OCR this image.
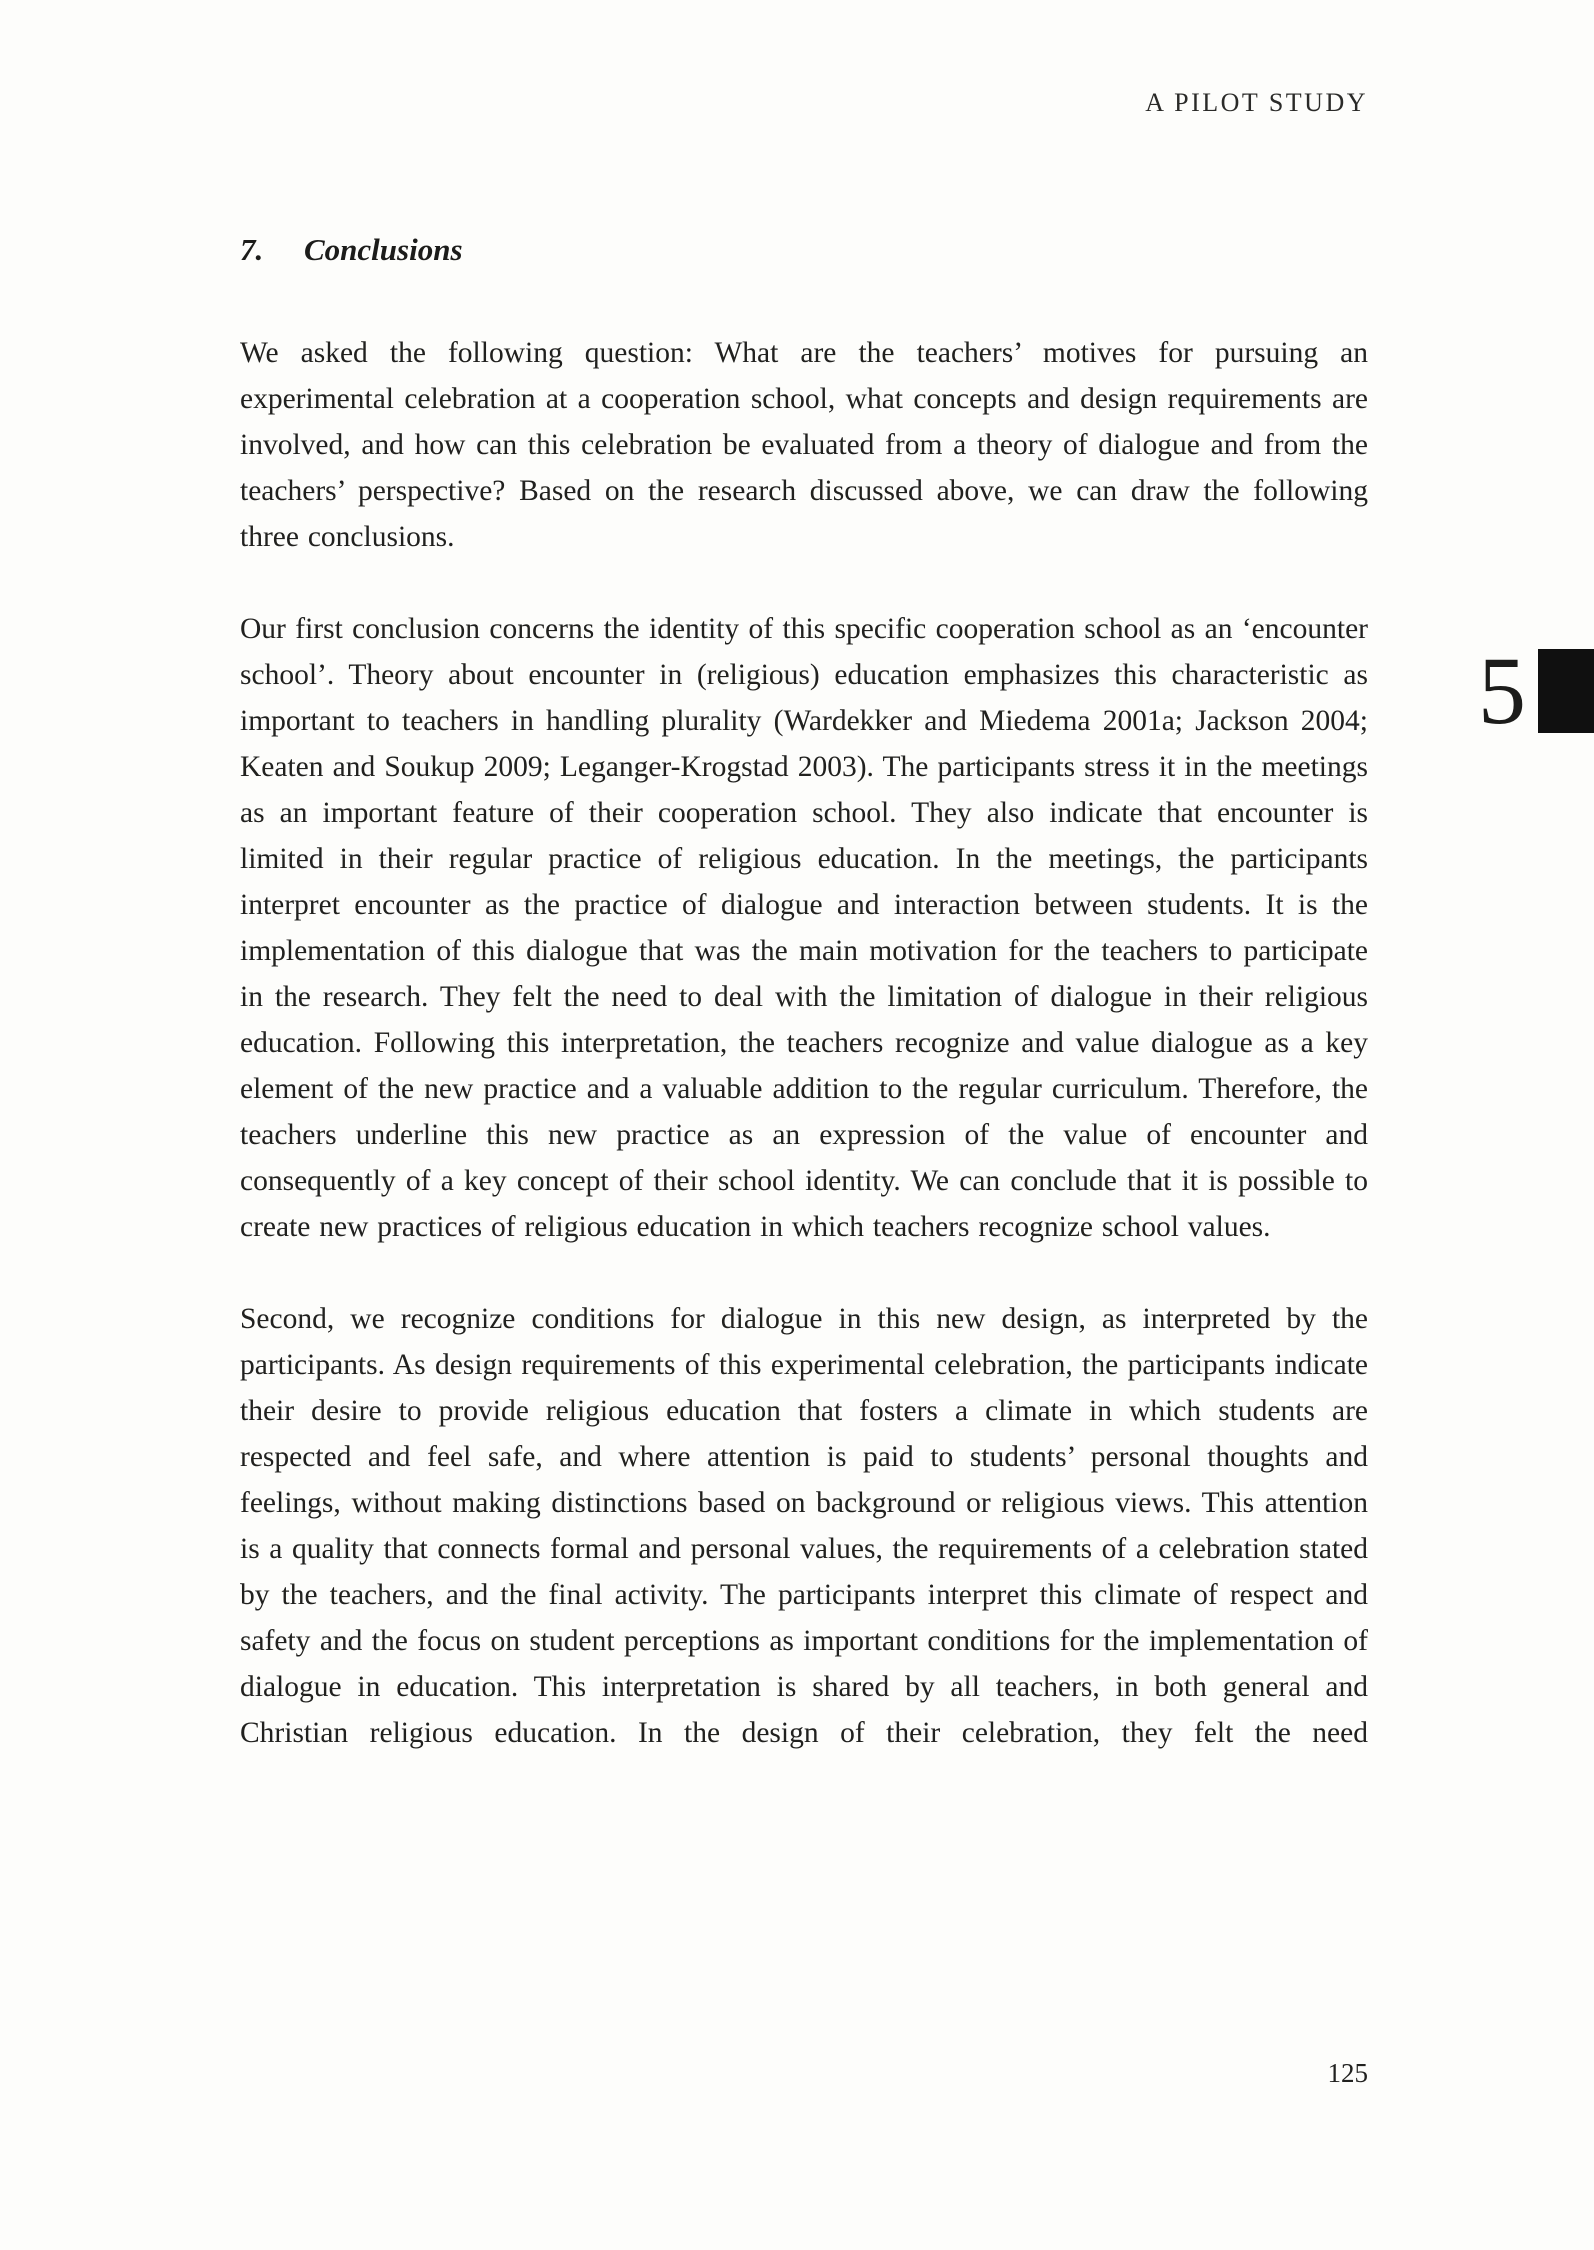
A PILOT STUDY
7.	Conclusions

We asked the following question: What are the teachers’ motives for pursuing an experimental celebration at a cooperation school, what concepts and design requirements are involved, and how can this celebration be evaluated from a theory of dialogue and from the teachers’ perspective? Based on the research discussed above, we can draw the following three conclusions.

Our first conclusion concerns the identity of this specific cooperation school as an ‘encounter school’. Theory about encounter in (religious) education emphasizes this characteristic as important to teachers in handling plurality (Wardekker and Miedema 2001a; Jackson 2004; Keaten and Soukup 2009; Leganger-Krogstad 2003). The participants stress it in the meetings as an important feature of their cooperation school. They also indicate that encounter is limited in their regular practice of religious education. In the meetings, the participants interpret encounter as the practice of dialogue and interaction between students. It is the implementation of this dialogue that was the main motivation for the teachers to participate in the research. They felt the need to deal with the limitation of dialogue in their religious education. Following this interpretation, the teachers recognize and value dialogue as a key element of the new practice and a valuable addition to the regular curriculum. Therefore, the teachers underline this new practice as an expression of the value of encounter and consequently of a key concept of their school identity. We can conclude that it is possible to create new practices of religious education in which teachers recognize school values.

Second, we recognize conditions for dialogue in this new design, as interpreted by the participants. As design requirements of this experimental celebration, the participants indicate their desire to provide religious education that fosters a climate in which students are respected and feel safe, and where attention is paid to students’ personal thoughts and feelings, without making distinctions based on background or religious views. This attention is a quality that connects formal and personal values, the requirements of a celebration stated by the teachers, and the final activity. The participants interpret this climate of respect and safety and the focus on student perceptions as important conditions for the implementation of dialogue in education. This interpretation is shared by all teachers, in both general and Christian religious education. In the design of their celebration, they felt the need

5
125
